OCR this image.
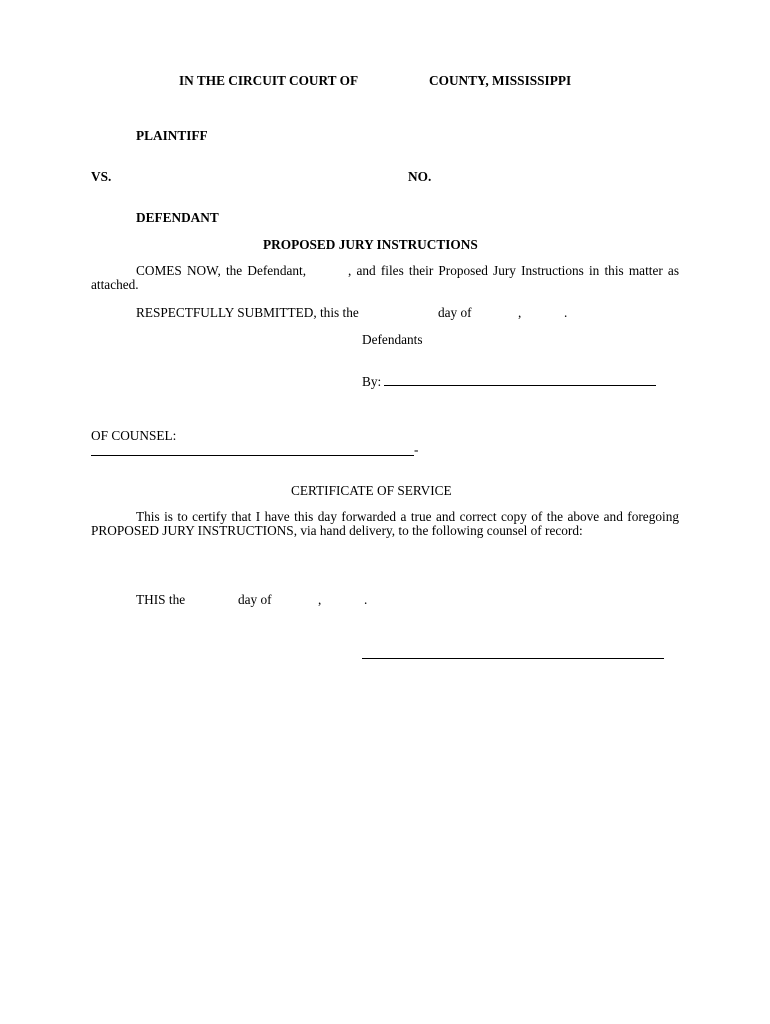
IN THE CIRCUIT COURT OF	COUNTY, MISSISSIPPI
PLAINTIFF
VS.	NO.
DEFENDANT
PROPOSED JURY INSTRUCTIONS
COMES NOW, the Defendant,	, and files their Proposed Jury Instructions in this matter as attached.
RESPECTFULLY SUBMITTED, this the	day of	,	.
Defendants
By:
OF COUNSEL:
-
CERTIFICATE OF SERVICE
This is to certify that I have this day forwarded a true and correct copy of the above and foregoing PROPOSED JURY INSTRUCTIONS, via hand delivery, to the following counsel of record:
THIS the	day of	,	.
